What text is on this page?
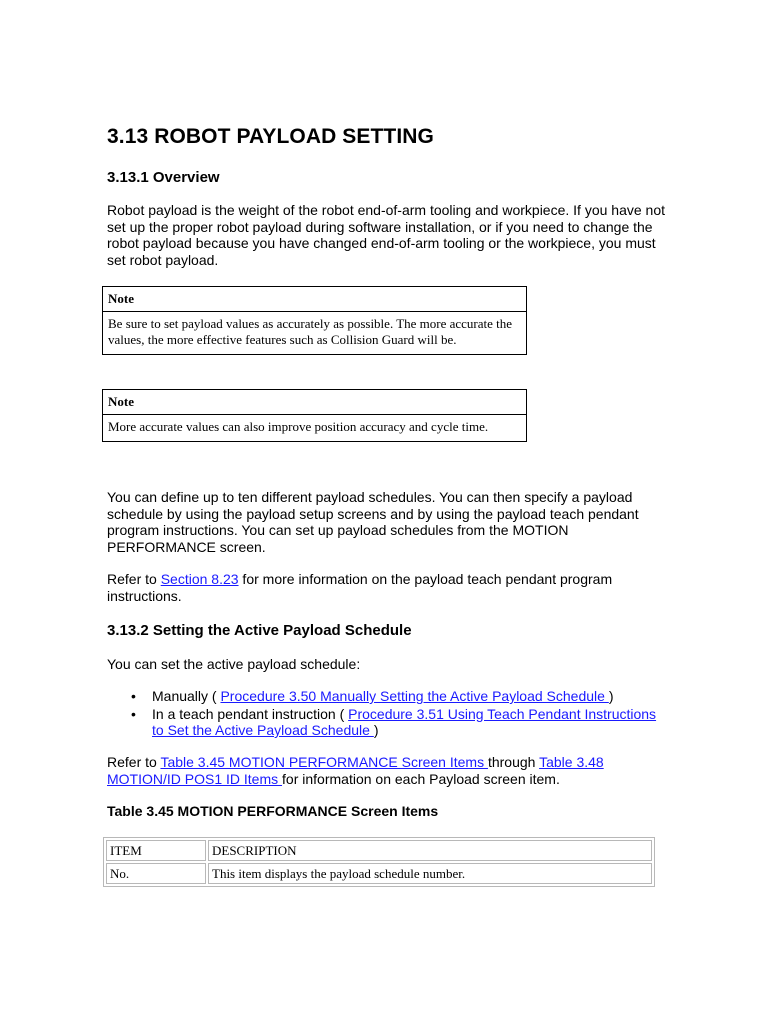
3.13 ROBOT PAYLOAD SETTING
3.13.1 Overview

Robot payload is the weight of the robot end-of-arm tooling and workpiece. If you have not set up the proper robot payload during software installation, or if you need to change the robot payload because you have changed end-of-arm tooling or the workpiece, you must set robot payload.

Note
Be sure to set payload values as accurately as possible. The more accurate the values, the more effective features such as Collision Guard will be.
Note
More accurate values can also improve position accuracy and cycle time.

You can define up to ten different payload schedules. You can then specify a payload schedule by using the payload setup screens and by using the payload teach pendant program instructions. You can set up payload schedules from the MOTION PERFORMANCE screen.

Refer to Section 8.23 for more information on the payload teach pendant program instructions.

3.13.2 Setting the Active Payload Schedule

You can set the active payload schedule:

• Manually ( Procedure 3.50 Manually Setting the Active Payload Schedule )
• In a teach pendant instruction ( Procedure 3.51 Using Teach Pendant Instructions to Set the Active Payload Schedule )

Refer to Table 3.45 MOTION PERFORMANCE Screen Items through Table 3.48 MOTION/ID POS1 ID Items for information on each Payload screen item.

Table 3.45 MOTION PERFORMANCE Screen Items

ITEM	DESCRIPTION
No.	This item displays the payload schedule number.
